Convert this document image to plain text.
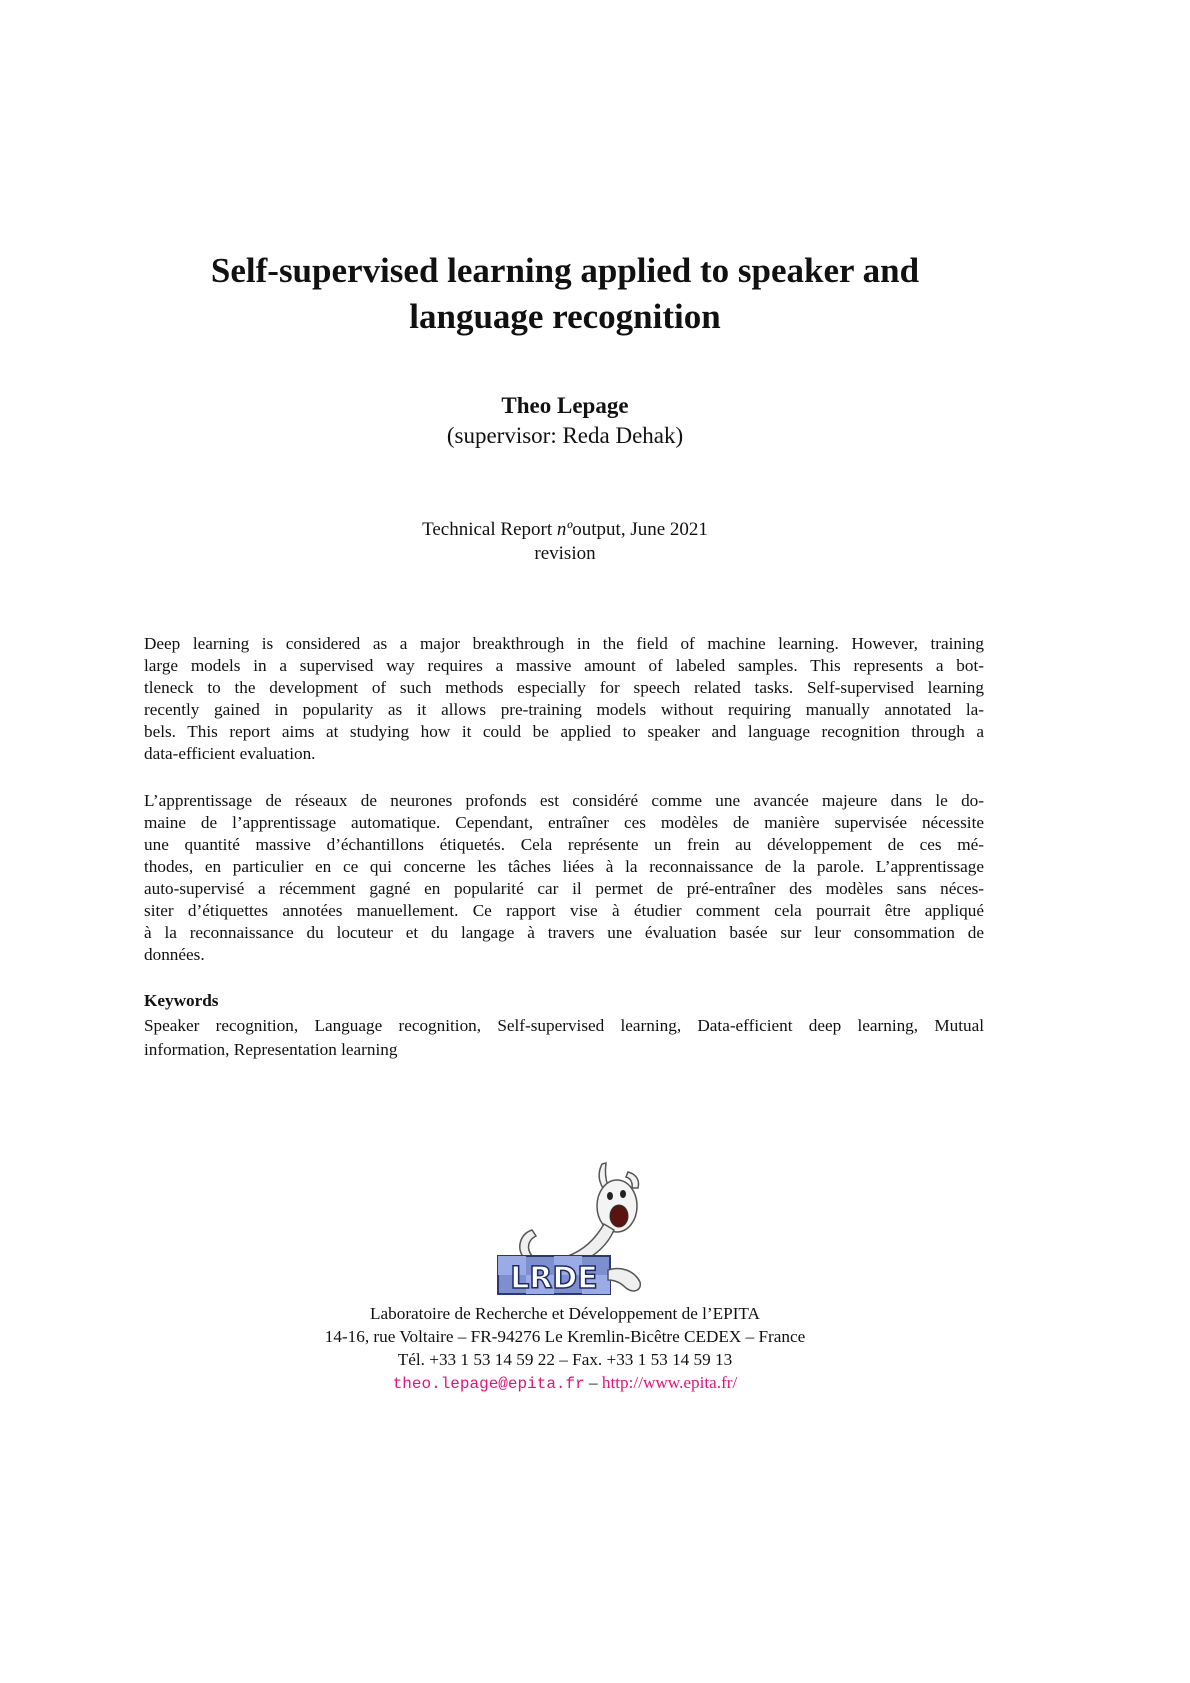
Self-supervised learning applied to speaker and
language recognition
Theo Lepage
(supervisor: Reda Dehak)
Technical Report nºoutput, June 2021
revision

Deep learning is considered as a major breakthrough in the field of machine learning. However, training
large models in a supervised way requires a massive amount of labeled samples. This represents a bot-
tleneck to the development of such methods especially for speech related tasks. Self-supervised learning
recently gained in popularity as it allows pre-training models without requiring manually annotated la-
bels. This report aims at studying how it could be applied to speaker and language recognition through a
data-efficient evaluation.

L’apprentissage de réseaux de neurones profonds est considéré comme une avancée majeure dans le do-
maine de l’apprentissage automatique. Cependant, entraîner ces modèles de manière supervisée nécessite
une quantité massive d’échantillons étiquetés. Cela représente un frein au développement de ces mé-
thodes, en particulier en ce qui concerne les tâches liées à la reconnaissance de la parole. L’apprentissage
auto-supervisé a récemment gagné en popularité car il permet de pré-entraîner des modèles sans néces-
siter d’étiquettes annotées manuellement. Ce rapport vise à étudier comment cela pourrait être appliqué
à la reconnaissance du locuteur et du langage à travers une évaluation basée sur leur consommation de
données.

Keywords
Speaker recognition, Language recognition, Self-supervised learning, Data-efficient deep learning, Mutual
information, Representation learning
LRDE
Laboratoire de Recherche et Développement de l’EPITA
14-16, rue Voltaire – FR-94276 Le Kremlin-Bicêtre CEDEX – France
Tél. +33 1 53 14 59 22 – Fax. +33 1 53 14 59 13
theo.lepage@epita.fr – http://www.epita.fr/
